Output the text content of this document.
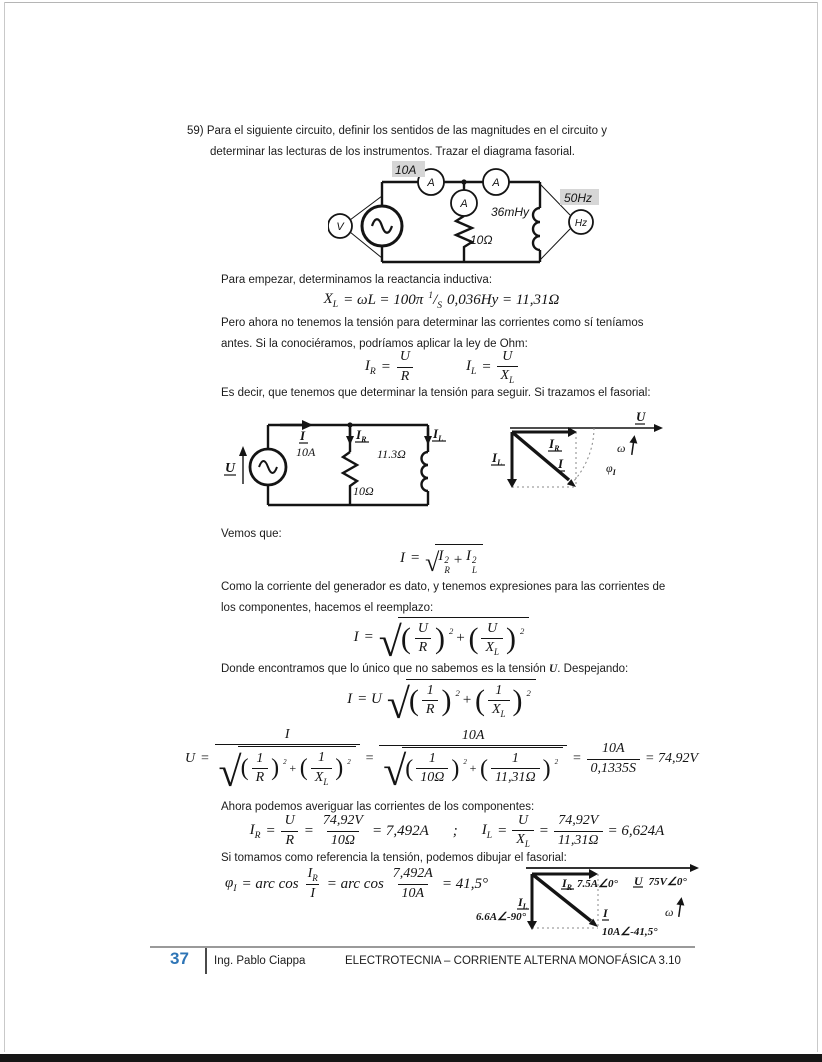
59) Para el siguiente circuito, definir los sentidos de las magnitudes en el circuito y
determinar las lecturas de los instrumentos. Trazar el diagrama fasorial.
V
A	A
A
Hz
10A
50Hz
36mHy
10Ω
Para empezar, determinamos la reactancia inductiva:
$X_L = \omega L = 100\pi$ $^1/_S$ 0,036Hy = 11,31Ω
Pero ahora no tenemos la tensión para determinar las corrientes como sí teníamos
antes. Si la conociéramos, podríamos aplicar la ley de Ohm:
$I_R = \frac{U}{R}$	$I_L = \frac{U}{X_L}$
Es decir, que tenemos que determinar la tensión para seguir. Si trazamos el fasorial:
U
I
10A
IR
10Ω
IL
11.3Ω
U
IR
IL	I
ω
φI
Vemos que:
I = √ I 2
R
+ I 2
L
Como la corriente del generador es dato, y tenemos expresiones para las corrientes de
los componentes, hacemos el reemplazo:
I = √ ( U
R ) $^2$ + ( U
$X_L$ ) $^2$
Donde encontramos que lo único que no sabemos es la tensión U. Despejando:
I = U √ ( 1
R ) $^2$ + ( 1
$X_L$ ) $^2$
U =
I
√ ( 1
R ) $^2$ + ( 1
$X_L$ ) $^2$ =
10A
√ ( 1
10Ω ) $^2$ + ( 1
11,31Ω ) $^2 = \frac{10A}{0,1335S} = 74,92V$
Ahora podemos averiguar las corrientes de los componentes:
$I_R = \frac{U}{R} = \frac{74,92V}{10\Omega} = 7,492A$ ; $I_L = \frac{U}{X_L} = \frac{74,92V}{11,31\Omega} = 6,624A$
Si tomamos como referencia la tensión, podemos dibujar el fasorial:
$\varphi_I$ = arc $\cos \frac{I_R}{I}$ = arc $\cos \frac{7,492A}{10A} = 41,5^\circ$	IR 7.5A∠0° U 75V∠0°
IL
6.6A∠-90°	I
10A∠-41,5°
ω
37 Ing. Pablo Ciappa	ELECTROTECNIA – CORRIENTE ALTERNA MONOFÁSICA 3.10
